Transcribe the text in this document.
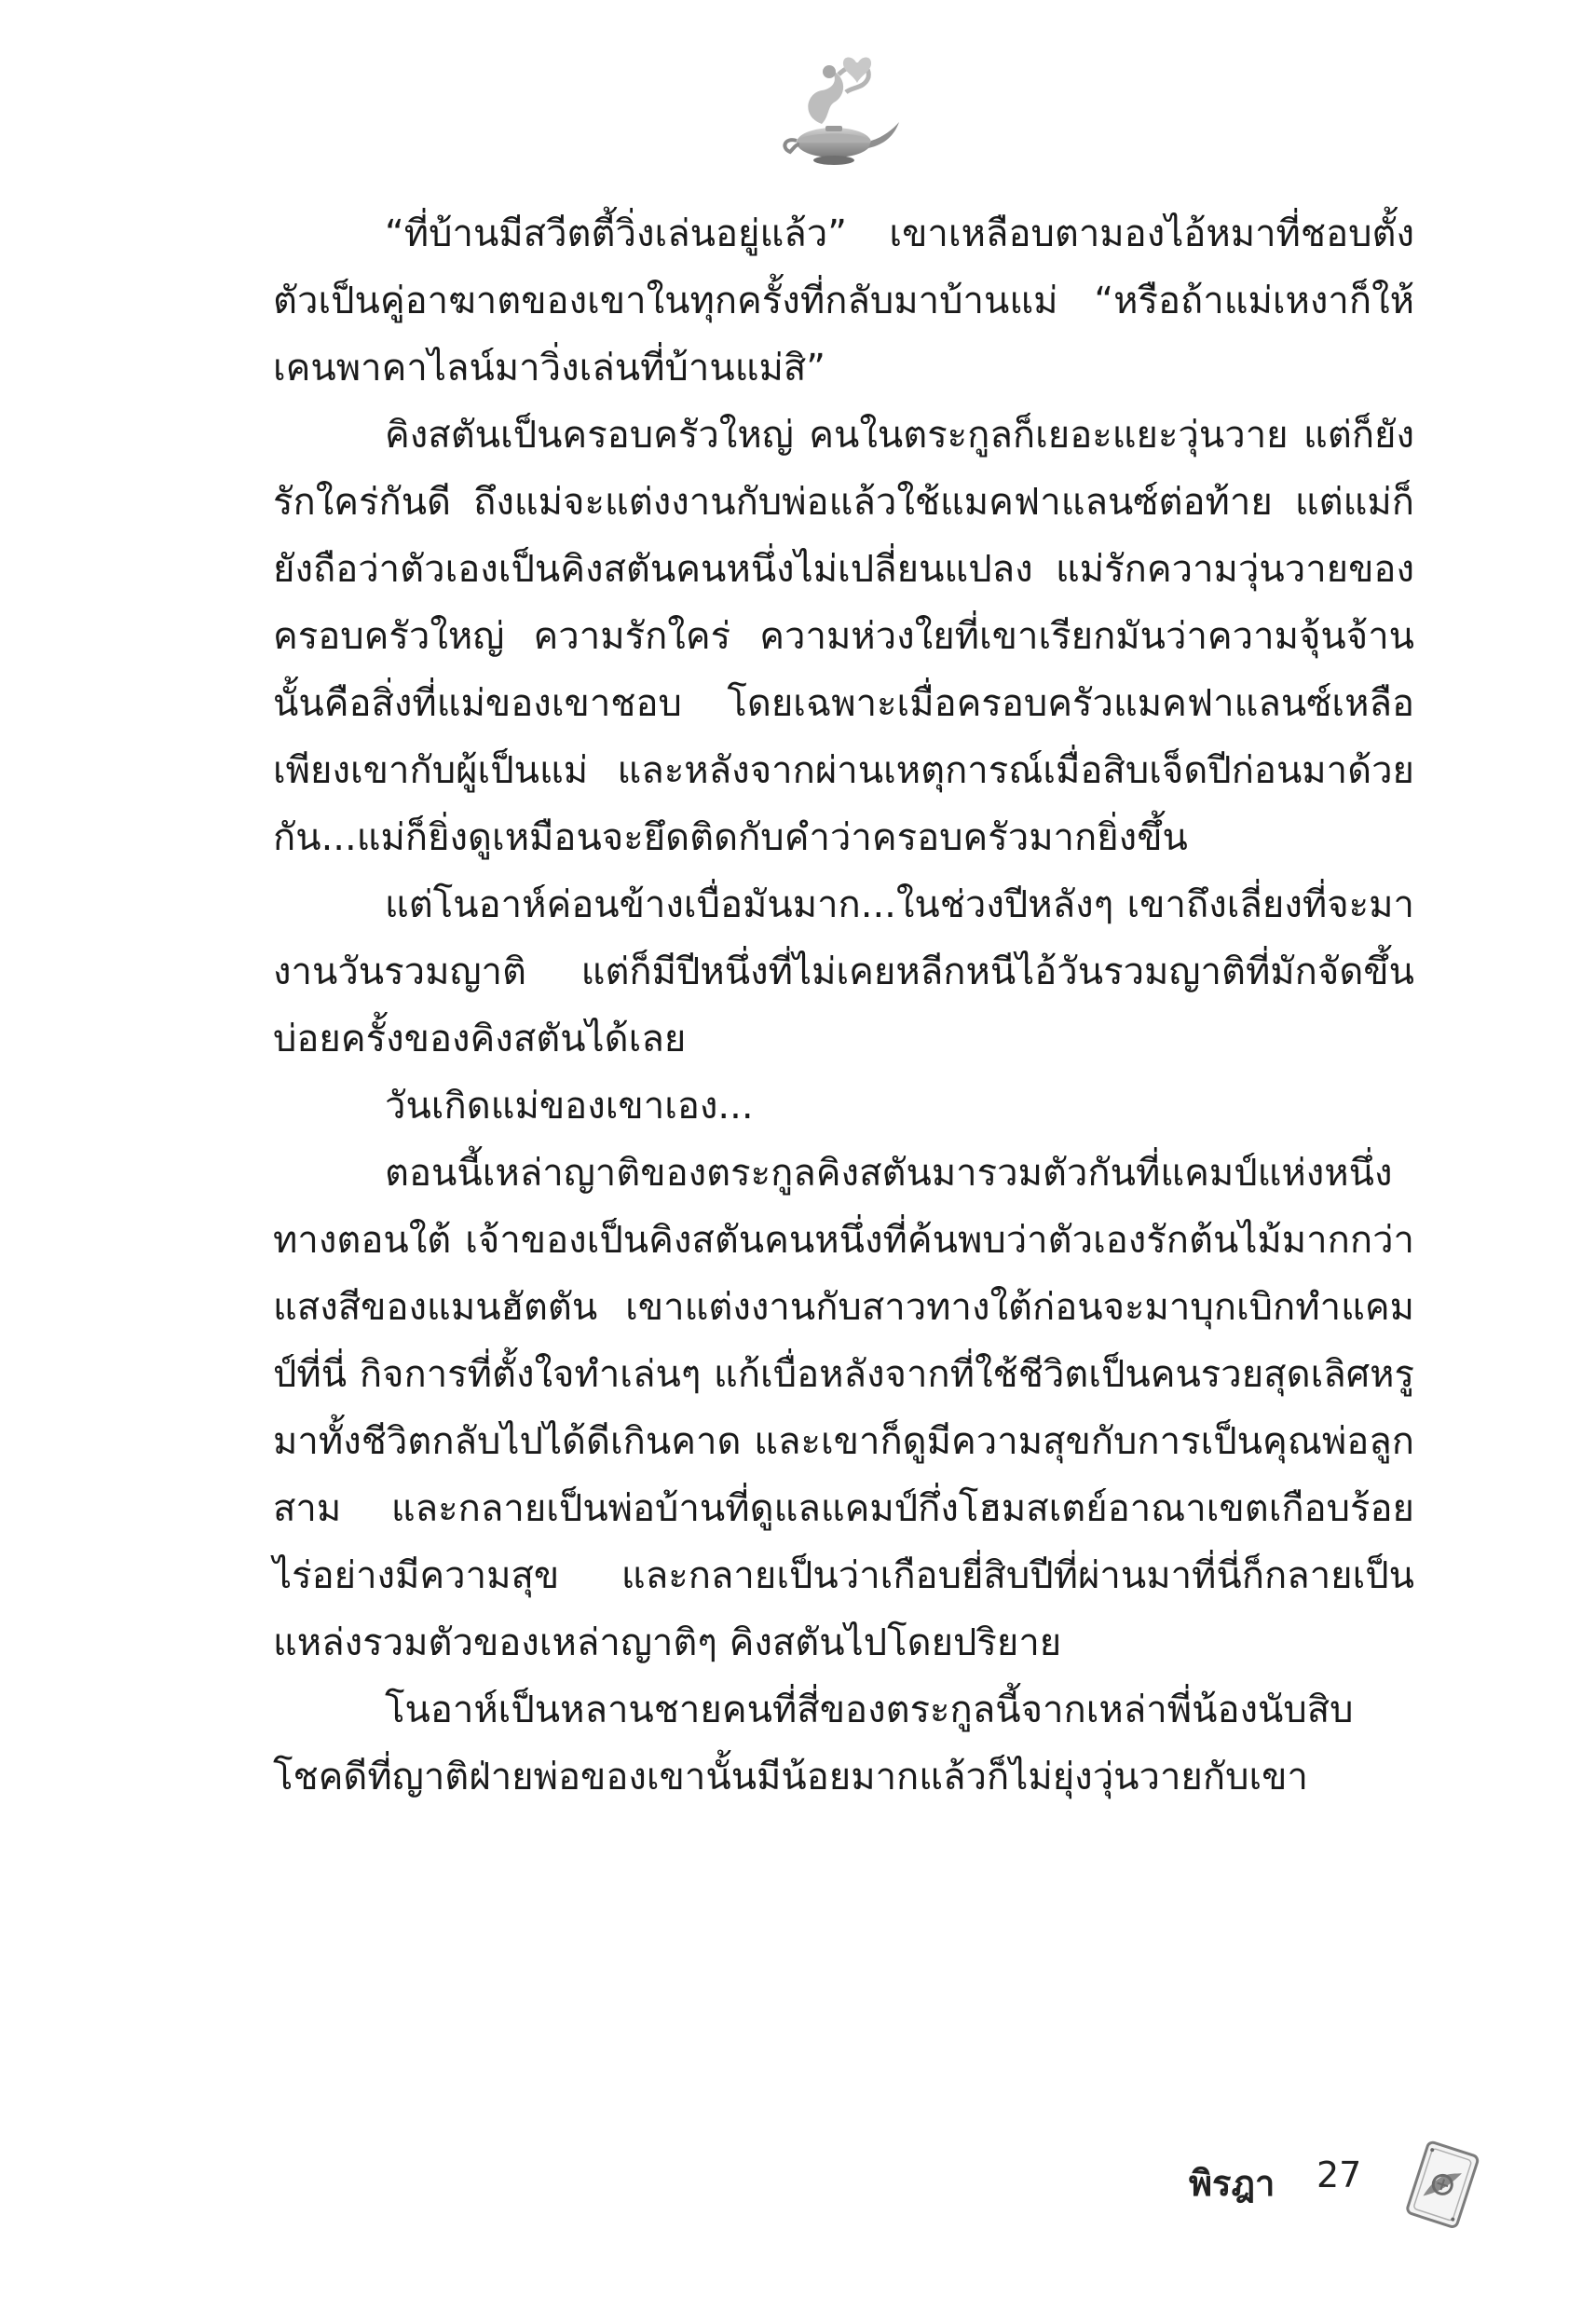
“ที่บ้านมีสวีตตี้วิ่งเล่นอยู่แล้ว” เขาเหลือบตามองไอ้หมาที่ชอบตั้งตัวเป็นคู่อาฆาตของเขาในทุกครั้งที่กลับมาบ้านแม่ “หรือถ้าแม่เหงาก็ให้เคนพาคาไลน์มาวิ่งเล่นที่บ้านแม่สิ”

คิงสตันเป็นครอบครัวใหญ่ คนในตระกูลก็เยอะแยะวุ่นวาย แต่ก็ยังรักใคร่กันดี ถึงแม่จะแต่งงานกับพ่อแล้วใช้แมคฟาแลนซ์ต่อท้าย แต่แม่ก็ยังถือว่าตัวเองเป็นคิงสตันคนหนึ่งไม่เปลี่ยนแปลง แม่รักความวุ่นวายของครอบครัวใหญ่ ความรักใคร่ ความห่วงใยที่เขาเรียกมันว่าความจุ้นจ้านนั้นคือสิ่งที่แม่ของเขาชอบ โดยเฉพาะเมื่อครอบครัวแมคฟาแลนซ์เหลือเพียงเขากับผู้เป็นแม่ และหลังจากผ่านเหตุการณ์เมื่อสิบเจ็ดปีก่อนมาด้วยกัน...แม่ก็ยิ่งดูเหมือนจะยึดติดกับคำว่าครอบครัวมากยิ่งขึ้น

แต่โนอาห์ค่อนข้างเบื่อมันมาก...ในช่วงปีหลังๆ เขาถึงเลี่ยงที่จะมางานวันรวมญาติ แต่ก็มีปีหนึ่งที่ไม่เคยหลีกหนีไอ้วันรวมญาติที่มักจัดขึ้นบ่อยครั้งของคิงสตันได้เลย

วันเกิดแม่ของเขาเอง...

ตอนนี้เหล่าญาติของตระกูลคิงสตันมารวมตัวกันที่แคมป์แห่งหนึ่งทางตอนใต้ เจ้าของเป็นคิงสตันคนหนึ่งที่ค้นพบว่าตัวเองรักต้นไม้มากกว่าแสงสีของแมนฮัตตัน เขาแต่งงานกับสาวทางใต้ก่อนจะมาบุกเบิกทำแคมป์ที่นี่ กิจการที่ตั้งใจทำเล่นๆ แก้เบื่อหลังจากที่ใช้ชีวิตเป็นคนรวยสุดเลิศหรูมาทั้งชีวิตกลับไปได้ดีเกินคาด และเขาก็ดูมีความสุขกับการเป็นคุณพ่อลูกสาม และกลายเป็นพ่อบ้านที่ดูแลแคมป์กึ่งโฮมสเตย์อาณาเขตเกือบร้อยไร่อย่างมีความสุข และกลายเป็นว่าเกือบยี่สิบปีที่ผ่านมาที่นี่ก็กลายเป็นแหล่งรวมตัวของเหล่าญาติๆ คิงสตันไปโดยปริยาย

โนอาห์เป็นหลานชายคนที่สี่ของตระกูลนี้จากเหล่าพี่น้องนับสิบโชคดีที่ญาติฝ่ายพ่อของเขานั้นมีน้อยมากแล้วก็ไม่ยุ่งวุ่นวายกับเขา

พิรฎา 27
